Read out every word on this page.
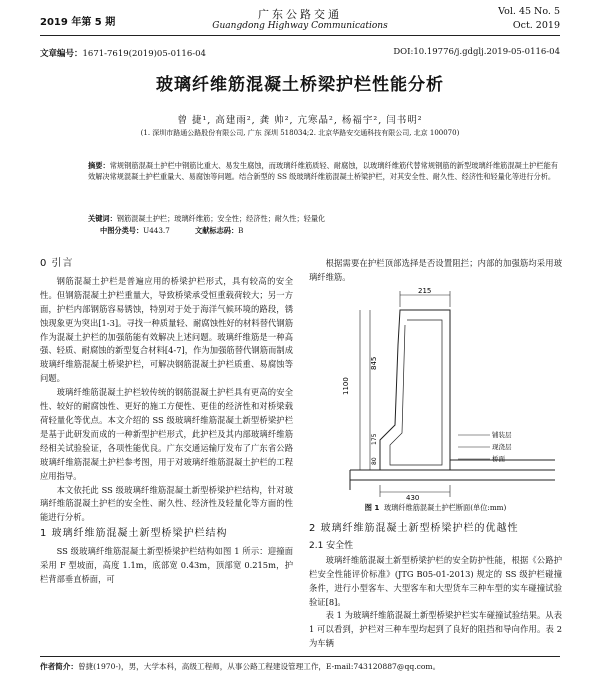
2019 年第 5 期
广东公路交通
Guangdong Highway Communications
Vol. 45 No. 5
Oct. 2019
文章编号：1671-7619(2019)05-0116-04	DOI:10.19776/j.gdglj.2019-05-0116-04
玻璃纤维筋混凝土桥梁护栏性能分析
曾 捷¹, 高建雨², 龚 帅², 亢寒晶², 杨福宇², 闫书明²
(1. 深圳市路通公路股份有限公司, 广东 深圳 518034;2. 北京华路安交通科技有限公司, 北京 100070)
摘要：常规钢筋混凝土护栏中钢筋比重大、易发生腐蚀，而玻璃纤维筋质轻、耐腐蚀，以玻璃纤维筋代替常规钢筋的新型玻璃纤维筋混凝土护栏能有效解决常规混凝土护栏重量大、易腐蚀等问题。结合新型的 SS 级玻璃纤维筋混凝土桥梁护栏，对其安全性、耐久性、经济性和轻量化等进行分析。
关键词：钢筋混凝土护栏；玻璃纤维筋；安全性；经济性；耐久性；轻量化
中图分类号：U443.7	文献标志码：B
0 引言

钢筋混凝土护栏是普遍应用的桥梁护栏形式，具有较高的安全性。但钢筋混凝土护栏重量大，导致桥梁承受恒重载荷较大；另一方面，护栏内部钢筋容易锈蚀，特别对于处于海洋气候环境的路段，锈蚀现象更为突出[1-3]。寻找一种质量轻、耐腐蚀性好的材料替代钢筋作为混凝土护栏的加强筋能有效解决上述问题。玻璃纤维筋是一种高强、轻质、耐腐蚀的新型复合材料[4-7]，作为加强筋替代钢筋而制成玻璃纤维筋混凝土桥梁护栏，可解决钢筋混凝土护栏质重、易腐蚀等问题。

玻璃纤维筋混凝土护栏较传统的钢筋混凝土护栏具有更高的安全性、较好的耐腐蚀性、更好的施工方便性、更佳的经济性和对桥梁载荷轻量化等优点。本文介绍的 SS 级玻璃纤维筋混凝土新型桥梁护栏是基于此研发而成的一种新型护栏形式，此护栏及其内部玻璃纤维筋经相关试验验证，各项性能优良。广东交通运输厅发布了广东省公路玻璃纤维筋混凝土护栏参考图，用于对玻璃纤维筋混凝土护栏的工程应用指导。

本文依托此 SS 级玻璃纤维筋混凝土新型桥梁护栏结构，针对玻璃纤维筋混凝土护栏的安全性、耐久性、经济性及轻量化等方面的性能进行分析。

1 玻璃纤维筋混凝土新型桥梁护栏结构

SS 级玻璃纤维筋混凝土新型桥梁护栏结构如图 1 所示：迎撞面采用 F 型坡面，高度 1.1m，底部宽 0.43m，顶部宽 0.215m，护栏背部垂直桥面，可

根据需要在护栏顶部选择是否设置阻拦；内部的加强筋均采用玻璃纤维筋。

215
1100
845
175
80
430
铺装层
现浇层
桥面
图 1 玻璃纤维筋混凝土护栏断面(单位:mm)
2 玻璃纤维筋混凝土新型桥梁护栏的优越性
2.1 安全性

玻璃纤维筋混凝土新型桥梁护栏的安全防护性能，根据《公路护栏安全性能评价标准》(JTG B05-01-2013) 规定的 SS 级护栏碰撞条件，进行小型客车、大型客车和大型货车三种车型的实车碰撞试验验证[8]。

表 1 为玻璃纤维筋混凝土新型桥梁护栏实车碰撞试验结果。从表 1 可以看到，护栏对三种车型均起到了良好的阻挡和导向作用。表 2 为车辆

作者简介：曾捷(1970-)，男，大学本科，高级工程师，从事公路工程建设管理工作，E-mail:743120887@qq.com。
